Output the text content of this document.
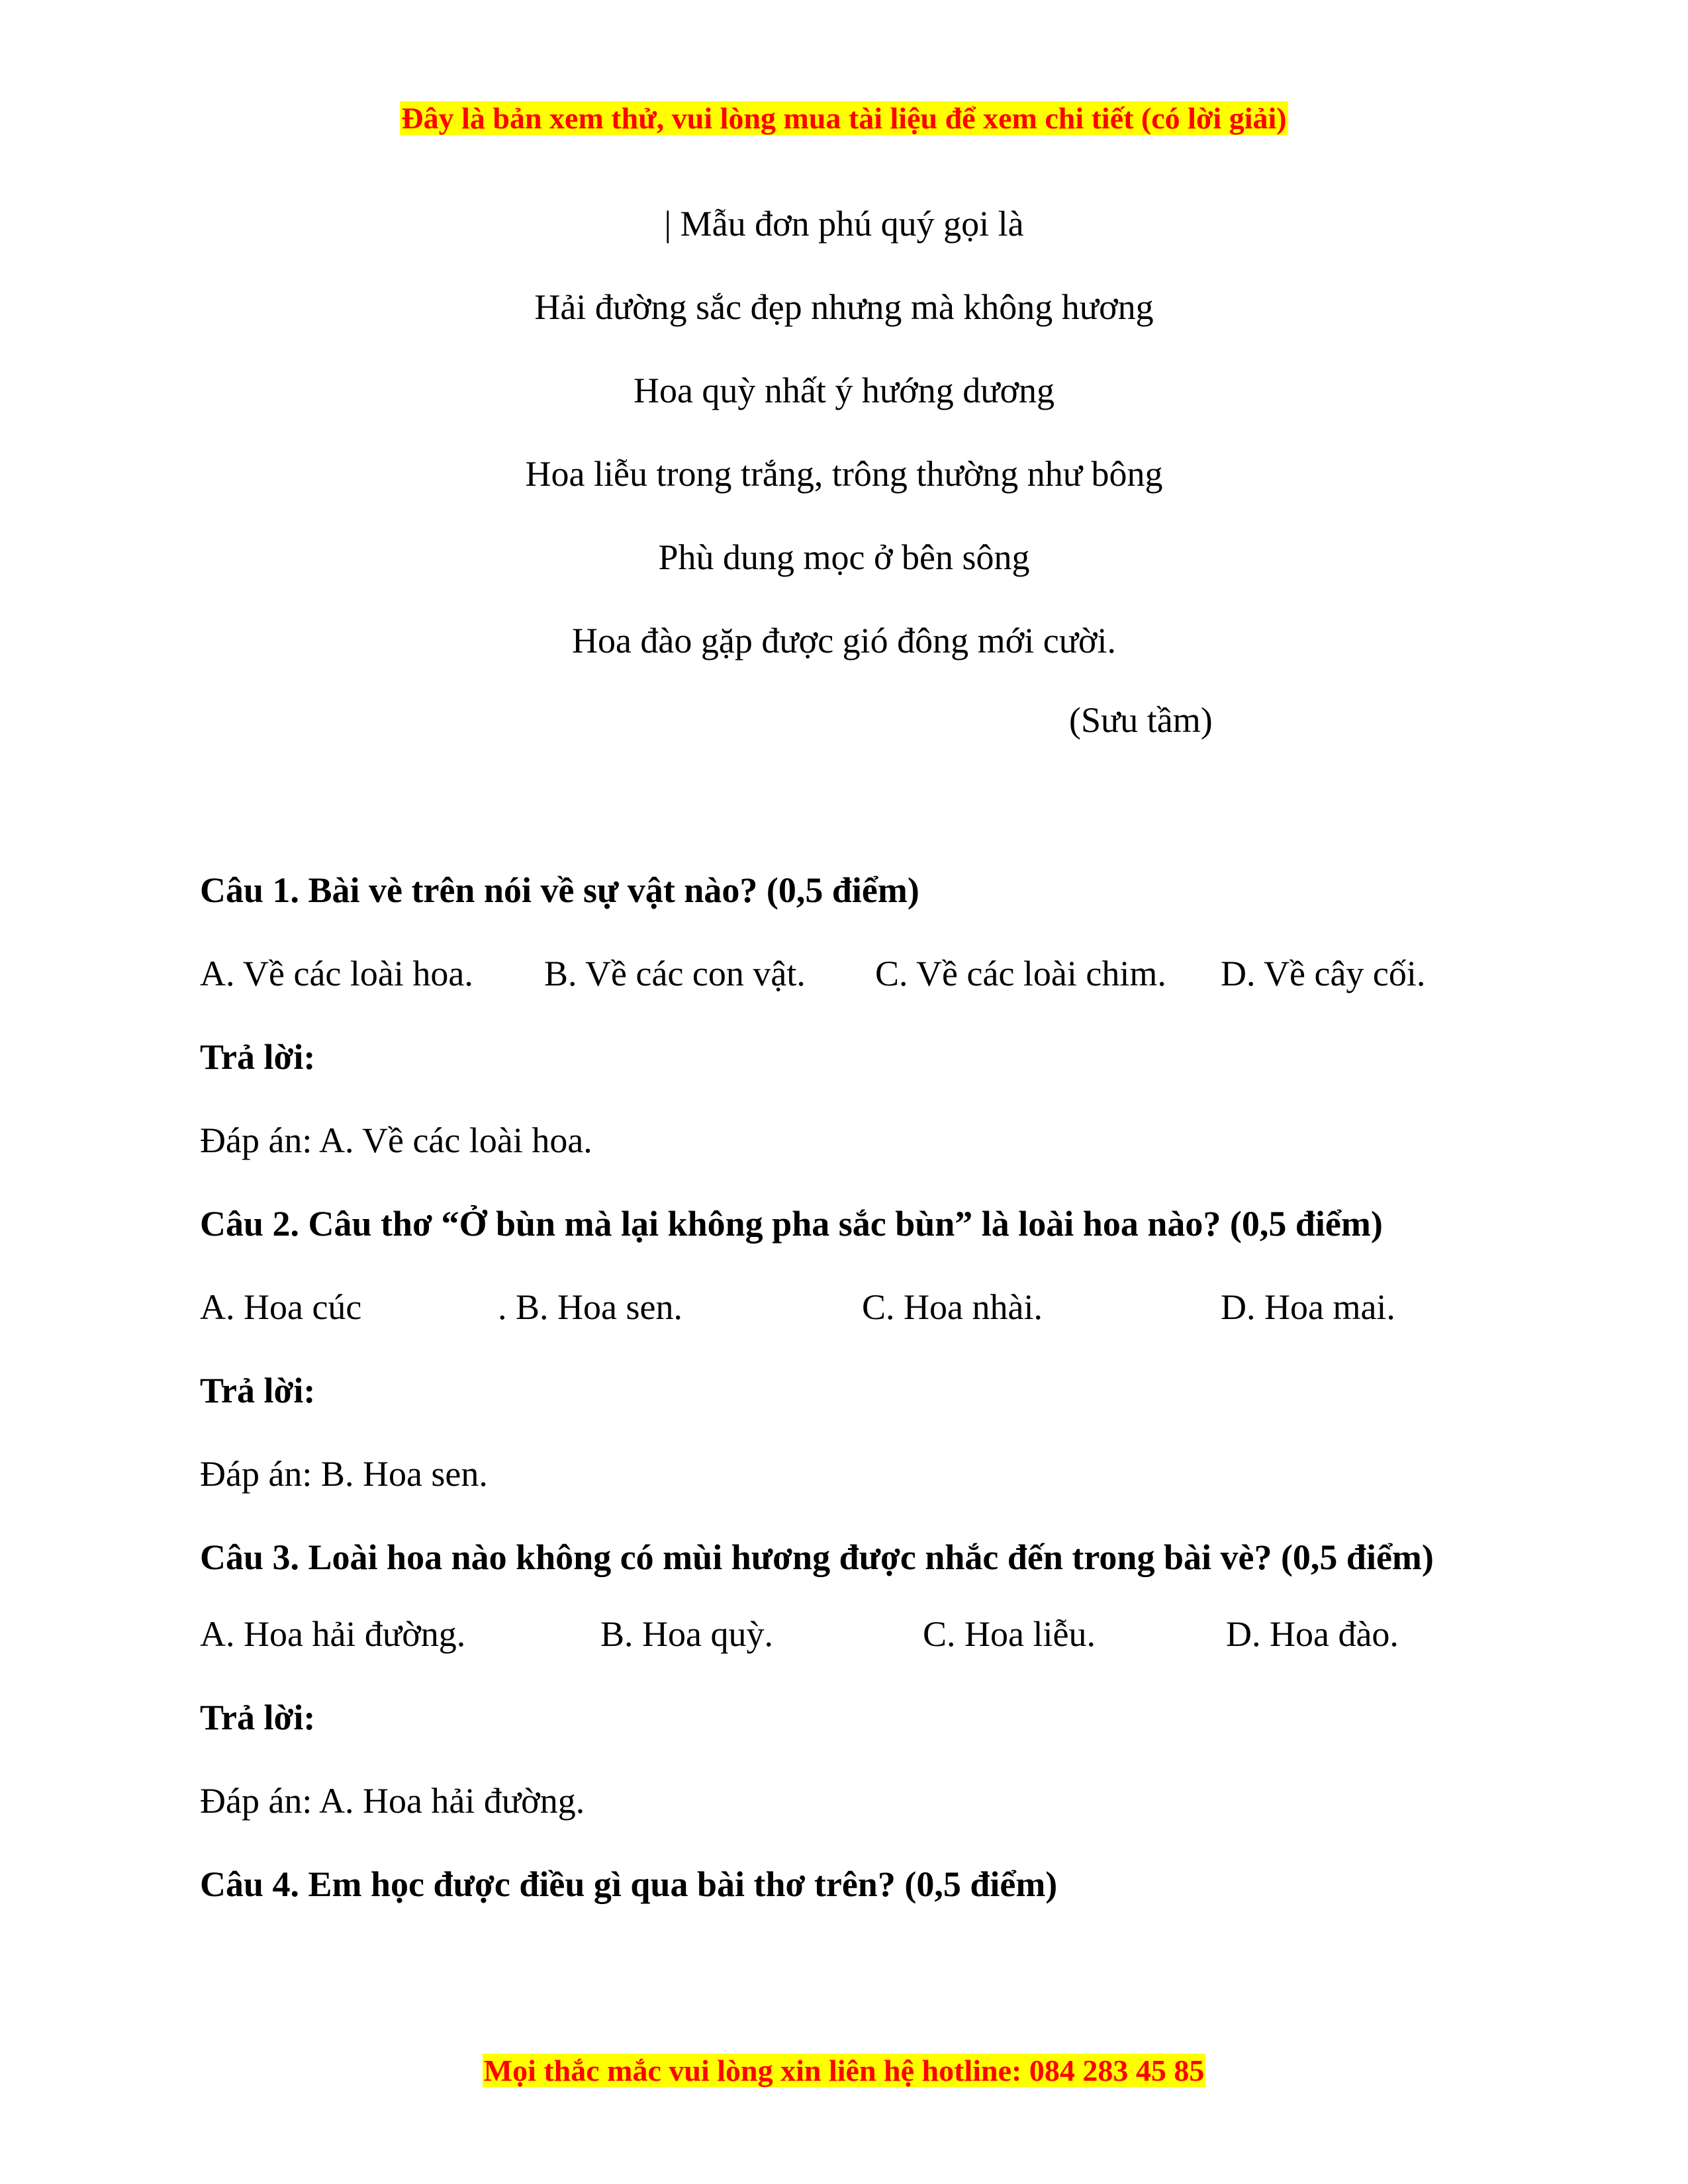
Đây là bản xem thử, vui lòng mua tài liệu để xem chi tiết (có lời giải)
| Mẫu đơn phú quý gọi là
Hải đường sắc đẹp nhưng mà không hương
Hoa quỳ nhất ý hướng dương
Hoa liễu trong trắng, trông thường như bông
Phù dung mọc ở bên sông
Hoa đào gặp được gió đông mới cười.
(Sưu tầm)
Câu 1. Bài vè trên nói về sự vật nào? (0,5 điểm)
A. Về các loài hoa. B. Về các con vật. C. Về các loài chim. D. Về cây cối.
Trả lời:
Đáp án: A. Về các loài hoa.
Câu 2. Câu thơ “Ở bùn mà lại không pha sắc bùn” là loài hoa nào? (0,5 điểm)
A. Hoa cúc	. B. Hoa sen.	C. Hoa nhài.	D. Hoa mai.
Trả lời:
Đáp án: B. Hoa sen.
Câu 3. Loài hoa nào không có mùi hương được nhắc đến trong bài vè? (0,5 điểm)
A. Hoa hải đường.	B. Hoa quỳ.	C. Hoa liễu.	D. Hoa đào.
Trả lời:
Đáp án: A. Hoa hải đường.
Câu 4. Em học được điều gì qua bài thơ trên? (0,5 điểm)
Mọi thắc mắc vui lòng xin liên hệ hotline: 084 283 45 85
